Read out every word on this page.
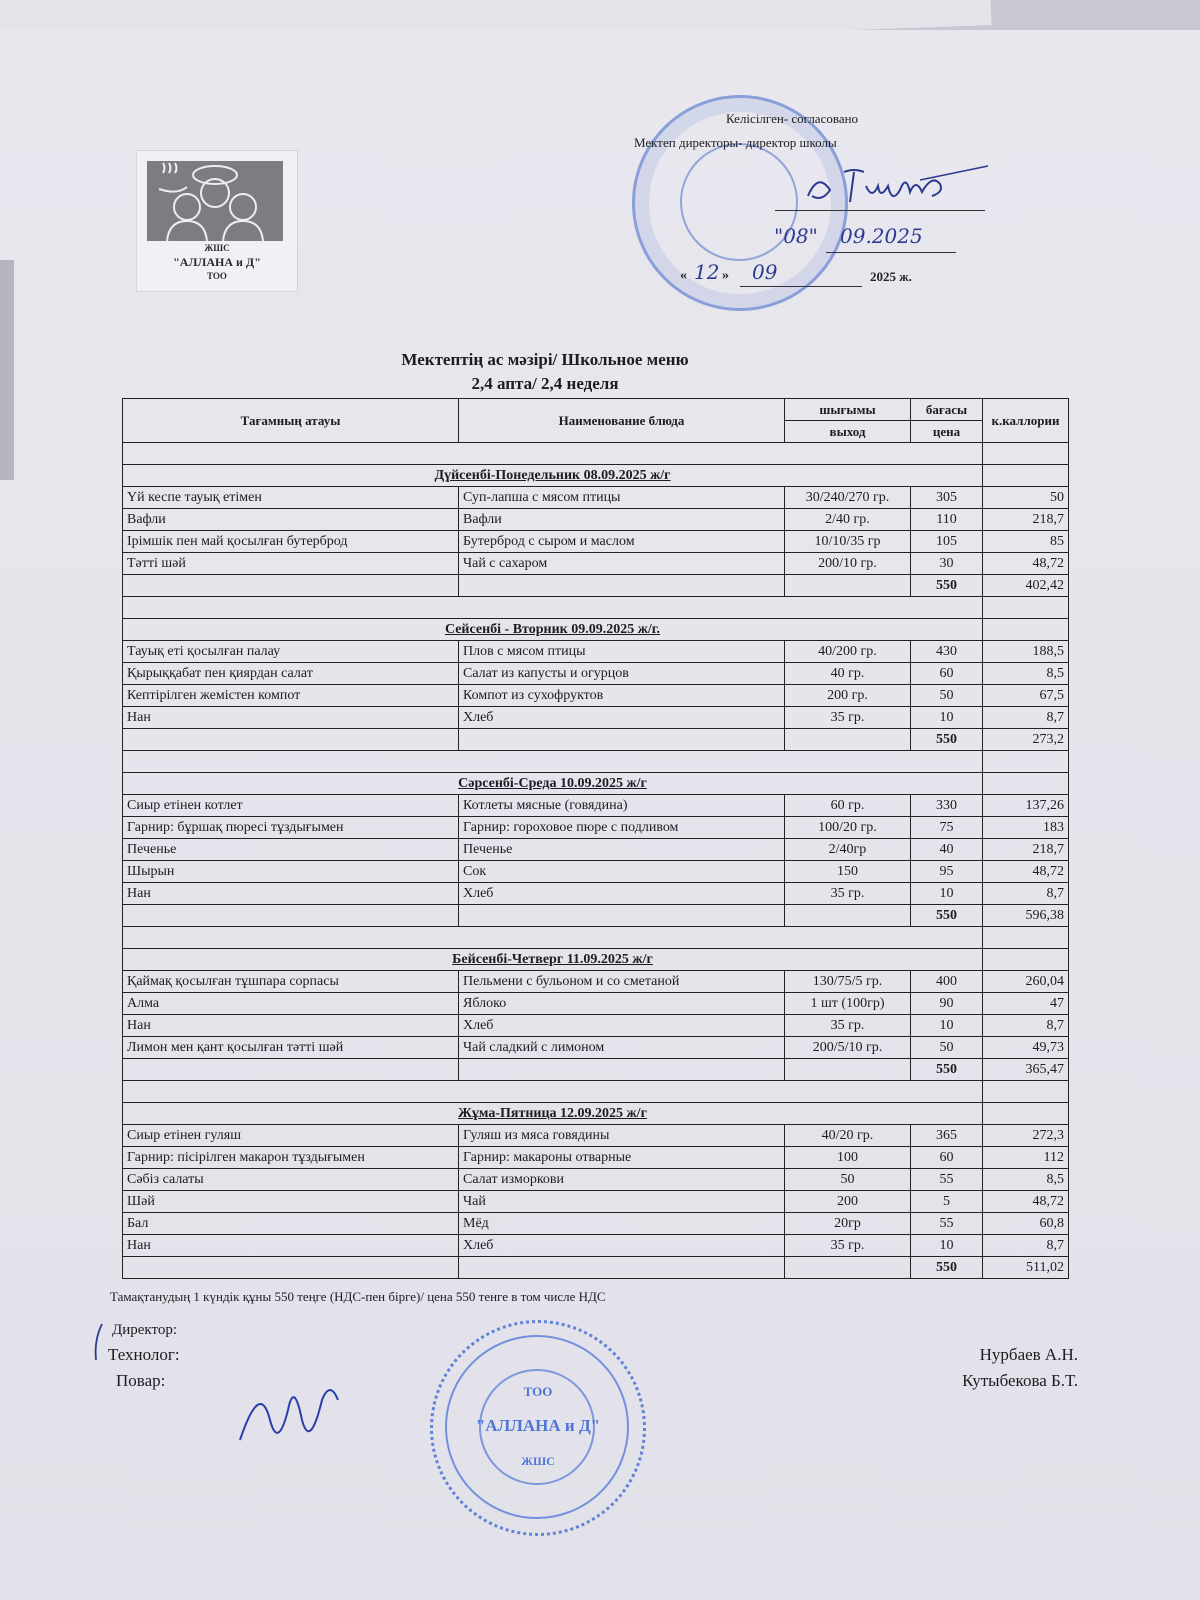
ЖШС
"АЛЛАНА и Д"
ТОО
Келісілген- согласовано
Мектеп директоры- директор школы
"08" 09.2025
« 12 » 09	2025 ж.
Мектептің ас мәзірі/ Школьное меню
2,4 апта/ 2,4 неделя
Тағамның атауы	Наименование блюда	шығымы	бағасы	к.каллории
		выход	цена	

Дүйсенбі-Понедельник 08.09.2025 ж/г				
Үй кеспе тауық етімен	Суп-лапша с мясом птицы	30/240/270 гр.	305	50
Вафли	Вафли	2/40 гр.	110	218,7
Ірімшік пен май қосылған бутерброд	Бутерброд с сыром и маслом	10/10/35 гр	105	85
Тәтті шәй	Чай с сахаром	200/10 гр.	30	48,72
			550	402,42

Сейсенбі - Вторник 09.09.2025 ж/г.				
Тауық еті қосылған палау	Плов с мясом птицы	40/200 гр.	430	188,5
Қырыққабат пен қиярдан салат	Салат из капусты и огурцов	40 гр.	60	8,5
Кептірілген жемістен компот	Компот из сухофруктов	200 гр.	50	67,5
Нан	Хлеб	35 гр.	10	8,7
			550	273,2

Сәрсенбі-Среда 10.09.2025 ж/г				
Сиыр етінен котлет	Котлеты мясные (говядина)	60 гр.	330	137,26
Гарнир: бұршақ пюресі тұздығымен	Гарнир: гороховое пюре с подливом	100/20 гр.	75	183
Печенье	Печенье	2/40гр	40	218,7
Шырын	Сок	150	95	48,72
Нан	Хлеб	35 гр.	10	8,7
			550	596,38

Бейсенбі-Четверг 11.09.2025 ж/г				
Қаймақ қосылған тұшпара сорпасы	Пельмени с бульоном и со сметаной	130/75/5 гр.	400	260,04
Алма	Яблоко	1 шт (100гр)	90	47
Нан	Хлеб	35 гр.	10	8,7
Лимон мен қант қосылған тәтті шәй	Чай сладкий с лимоном	200/5/10 гр.	50	49,73
			550	365,47

Жұма-Пятница 12.09.2025 ж/г				
Сиыр етінен гуляш	Гуляш из мяса говядины	40/20 гр.	365	272,3
Гарнир: пісірілген макарон тұздығымен	Гарнир: макароны отварные	100	60	112
Сәбіз салаты	Салат изморкови	50	55	8,5
Шәй	Чай	200	5	48,72
Бал	Мёд	20гр	55	60,8
Нан	Хлеб	35 гр.	10	8,7
			550	511,02
Тамақтанудың 1 күндік құны 550 теңге (НДС-пен бірге)/ цена 550 тенге в том числе НДС
Директор:
Технолог:
Повар:
Нурбаев А.Н.
Кутыбекова Б.Т.
ТОО
"АЛЛАНА и Д"
ЖШС
